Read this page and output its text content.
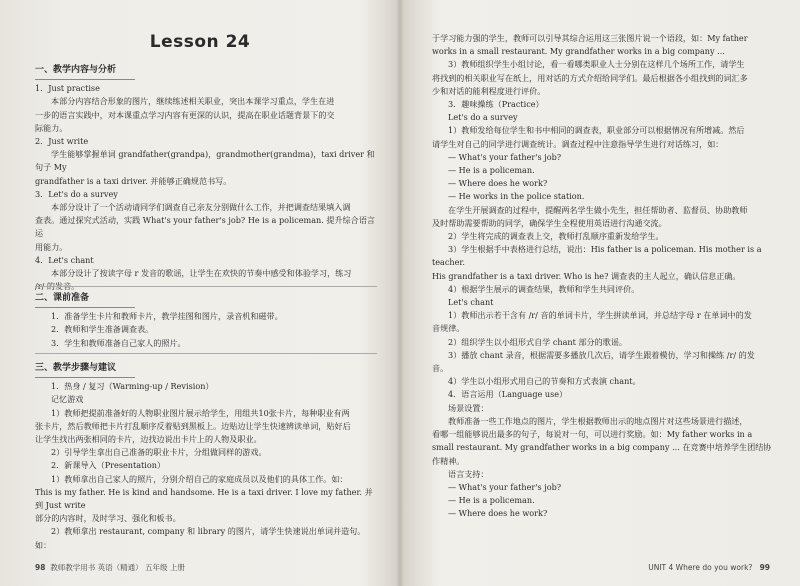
Lesson 24
一、教学内容与分析

1．Just practise

本部分内容结合形象的图片，继续练述相关职业，突出本课学习重点，学生在进

一步的语言实践中，对本课重点学习内容有更深的认识，提高在职业话题背景下的交

际能力。

2．Just write

学生能够掌握单词 grandfather(grandpa)，grandmother(grandma)，taxi driver 和句子 My

grandfather is a taxi driver. 并能够正确规范书写。

3．Let's do a survey

本部分设计了一个活动请同学们调查自己亲友分别做什么工作，并把调查结果填入调

查表。通过探究式活动，实践 What's your father's job? He is a policeman. 提升综合语言运

用能力。

4．Let's chant

本部分设计了按读字母 r 发音的歌谣，让学生在欢快的节奏中感受和体验学习，练习

/r/ 的发音。

二、课前准备

1．准备学生卡片和教师卡片，教学挂图和图片，录音机和磁带。

2．教师和学生准备调查表。

3．学生和教师准备自己家人的照片。

三、教学步骤与建议

1．热身 / 复习（Warming-up / Revision）

记忆游戏

1）教师把提前准备好的人物职业图片展示给学生，用组共10张卡片，每种职业有两

张卡片，然后教师把卡片打乱顺序反着贴到黑板上。边贴边让学生快速辨读单词，贴好后

让学生找出两张相同的卡片，边找边说出卡片上的人物及职业。

2）引导学生拿出自己准备的职业卡片，分组做同样的游戏。

2．新课导入（Presentation）

1）教师拿出自己家人的照片，分别介绍自己的家庭成员以及他们的具体工作。如：

This is my father. He is kind and handsome. He is a taxi driver. I love my father. 并到 Just write

部分的内容时，及时学习、强化和板书。

2）教师拿出 restaurant, company 和 library 的图片，请学生快速说出单词并造句。如：

98 教师教学用书 英语（精通） 五年级 上册

于学习能力强的学生，教师可以引导其综合运用这三张图片说一个语段，如：My father

works in a small restaurant. My grandfather works in a big company ...

3）教师组织学生小组讨论，看一看哪类职业人士分别在这样几个场所工作，请学生

将找到的相关职业写在纸上，用对话的方式介绍给同学们。最后根据各小组找到的词汇多

少和对话的能利程度进行评价。

3．趣味操练（Practice）

Let's do a survey

1）教师发给每位学生和书中相同的调查表，职业部分可以根据情况有所增减。然后

请学生对自己的同学进行调查统计。调查过程中注意指导学生进行对话练习，如：

— What's your father's job?

— He is a policeman.

— Where does he work?

— He works in the police station.

在学生开展调查的过程中，提醒两名学生做小先生，担任帮助者、监督员、协助教师

及时帮助需要帮助的同学，确保学生全程使用英语进行沟通交流。

2）学生将完成的调查表上交，教师打乱顺序重新发给学生。

3）学生根据手中表格进行总结，说出：His father is a policeman. His mother is a teacher.

His grandfather is a taxi driver. Who is he? 调查表的主人起立，确认信息正确。

4）根据学生展示的调查结果，教师和学生共同评价。

Let's chant

1）教师出示若干含有 /r/ 音的单词卡片，学生拼读单词，并总结字母 r 在单词中的发

音规律。

2）组织学生以小组形式自学 chant 部分的歌谣。

3）播放 chant 录音，根据需要多播放几次后，请学生跟着模仿，学习和操练 /r/ 的发

音。

4）学生以小组形式用自己的节奏和方式表演 chant。

4．语言运用（Language use）

场景设置：

教师准备一些工作地点的图片，学生根据教师出示的地点图片对这些场景进行描述，

看哪一组能够说出最多的句子，每说对一句，可以进行奖励。如：My father works in a

small restaurant. My grandfather works in a big company ... 在竞赛中培养学生团结协作精神。

语言支持：

— What's your father's job?

— He is a policeman.

— Where does he work?

UNIT 4 Where do you work? 99
